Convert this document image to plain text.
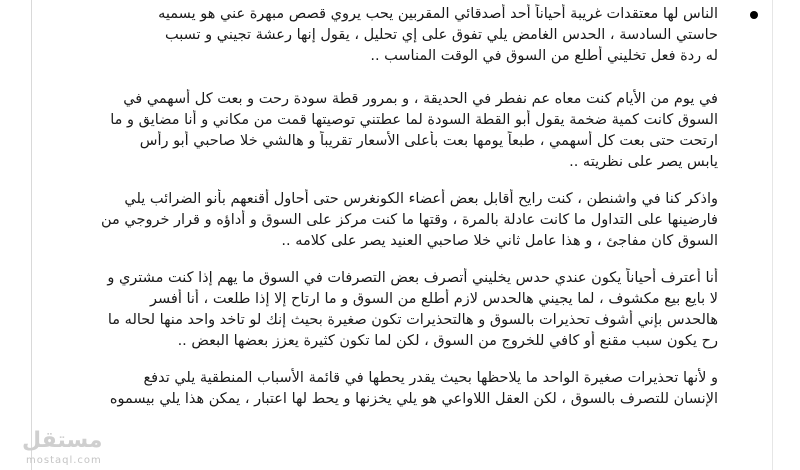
الناس لها معتقدات غريبة أحياناً أحد أصدقائي المقربين يحب يروي قصص مبهرة عني هو يسميه
حاستي السادسة ، الحدس الغامض يلي تفوق على إي تحليل ، يقول إنها رعشة تجيني و تسبب
له ردة فعل تخليني أطلع من السوق في الوقت المناسب ..
في يوم من الأيام كنت معاه عم نفطر في الحديقة ، و بمرور قطة سودة رحت و بعت كل أسهمي في
السوق كانت كمية ضخمة يقول أبو القطة السودة لما عطتني توصيتها قمت من مكاني و أنا مضايق و ما
ارتحت حتى بعت كل أسهمي ، طبعاً يومها بعت بأعلى الأسعار تقريباً و هالشي خلا صاحبي أبو رأس
يابس يصر على نظريته ..
واذكر كنا في واشنطن ، كنت رايح أقابل بعض أعضاء الكونغرس حتى أحاول أقنعهم بأنو الضرائب يلي
فارضينها على التداول ما كانت عادلة بالمرة ، وقتها ما كنت مركز على السوق و أداؤه و قرار خروجي من
السوق كان مفاجئ ، و هذا عامل ثاني خلا صاحبي العنيد يصر على كلامه ..
أنا أعترف أحياناً يكون عندي حدس يخليني أتصرف بعض التصرفات في السوق ما يهم إذا كنت مشتري و
لا بايع بيع مكشوف ، لما يجيني هالحدس لازم أطلع من السوق و ما ارتاح إلا إذا طلعت ، أنا أفسر
هالحدس بإني أشوف تحذيرات بالسوق و هالتحذيرات تكون صغيرة بحيث إنك لو تاخد واحد منها لحاله ما
رح يكون سبب مقنع أو كافي للخروج من السوق ، لكن لما تكون كثيرة يعزز بعضها البعض ..
و لأنها تحذيرات صغيرة الواحد ما يلاحظها بحيث يقدر يحطها في قائمة الأسباب المنطقية يلي تدفع
الإنسان للتصرف بالسوق ، لكن العقل اللاواعي هو يلي يخزنها و يحط لها اعتبار ، يمكن هذا يلي بيسموه
مستقل
mostaql.com
